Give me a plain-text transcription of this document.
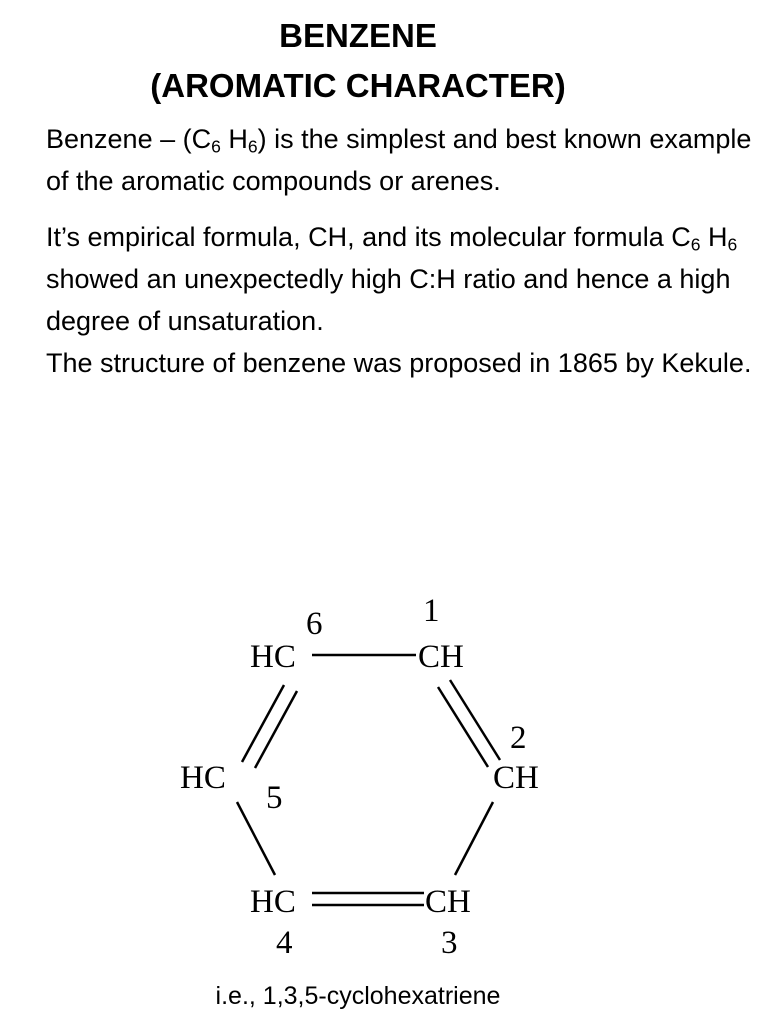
BENZENE
(AROMATIC CHARACTER)

Benzene – ($C_6$ $H_6$) is the simplest and best known example of the aromatic compounds or arenes.

It’s empirical formula, CH, and its molecular formula $C_6$ $H_6$ showed an unexpectedly high C:H ratio and hence a high degree of unsaturation.

The structure of benzene was proposed in 1865 by Kekule.

HC	CH
CH
CH
HC
HC
1
2
3
4
5
6

i.e., 1,3,5-cyclohexatriene
